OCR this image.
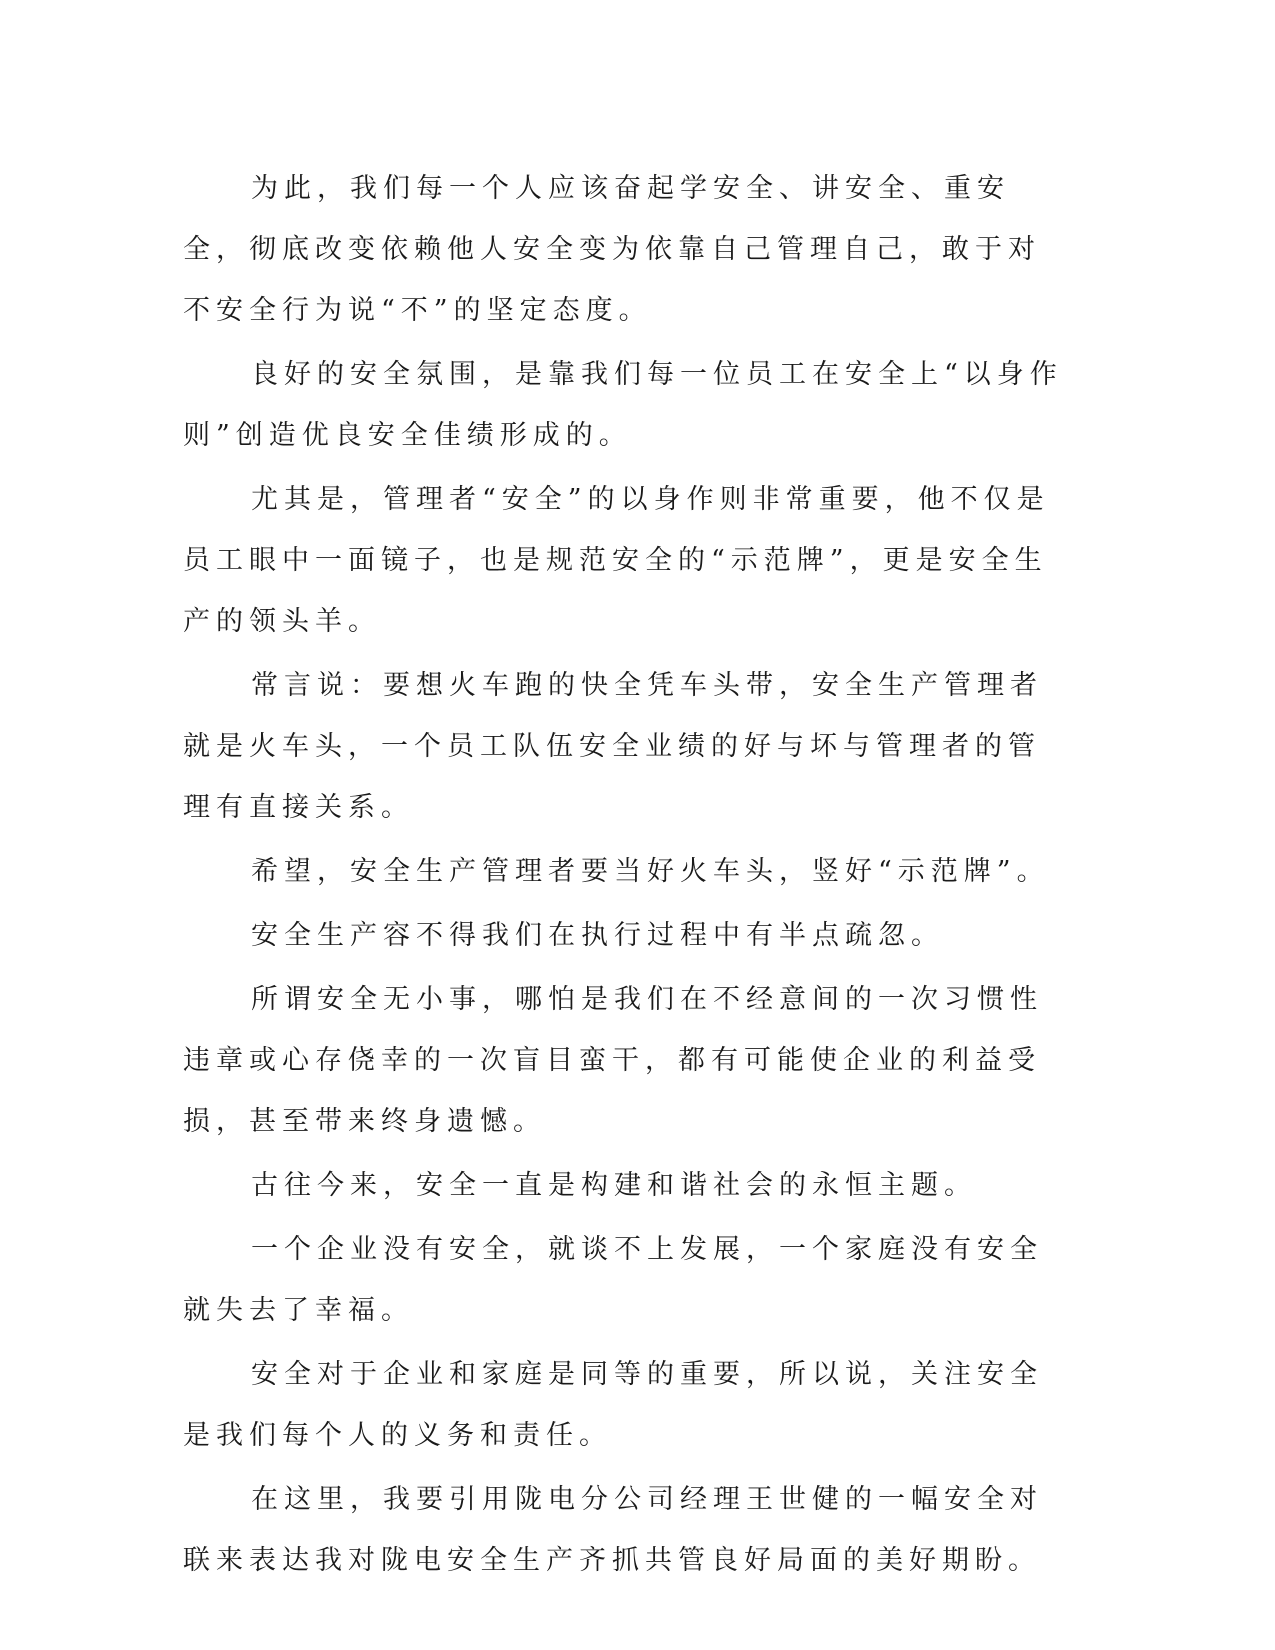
为此，我们每一个人应该奋起学安全、讲安全、重安全，彻底改变依赖他人安全变为依靠自己管理自己，敢于对不安全行为说“不”的坚定态度。

良好的安全氛围，是靠我们每一位员工在安全上“以身作则”创造优良安全佳绩形成的。

尤其是，管理者“安全”的以身作则非常重要，他不仅是员工眼中一面镜子，也是规范安全的“示范牌”，更是安全生产的领头羊。

常言说：要想火车跑的快全凭车头带，安全生产管理者就是火车头，一个员工队伍安全业绩的好与坏与管理者的管理有直接关系。

希望，安全生产管理者要当好火车头，竖好“示范牌”。

安全生产容不得我们在执行过程中有半点疏忽。

所谓安全无小事，哪怕是我们在不经意间的一次习惯性违章或心存侥幸的一次盲目蛮干，都有可能使企业的利益受损，甚至带来终身遗憾。

古往今来，安全一直是构建和谐社会的永恒主题。

一个企业没有安全，就谈不上发展，一个家庭没有安全就失去了幸福。

安全对于企业和家庭是同等的重要，所以说，关注安全是我们每个人的义务和责任。

在这里，我要引用陇电分公司经理王世健的一幅安全对联来表达我对陇电安全生产齐抓共管良好局面的美好期盼。
